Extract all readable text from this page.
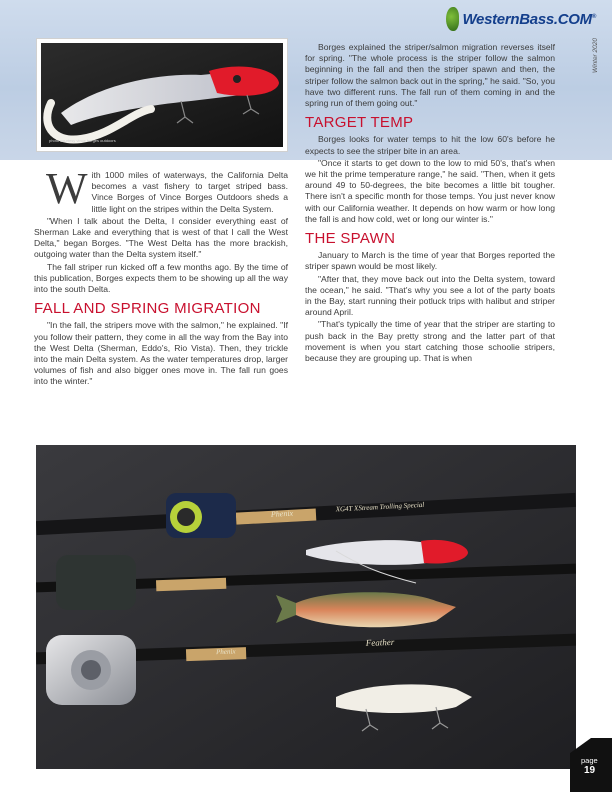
WesternBass.COM®
Winter 2020
photo courtesy vince borges outdoors

With 1000 miles of waterways, the California Delta becomes a vast fishery to target striped bass. Vince Borges of Vince Borges Outdoors sheds a little light on the stripes within the Delta System.

"When I talk about the Delta, I consider everything east of Sherman Lake and everything that is west of that I call the West Delta," began Borges. "The West Delta has the more brackish, outgoing water than the Delta system itself."

The fall striper run kicked off a few months ago. By the time of this publication, Borges expects them to be showing up all the way into the south Delta.

FALL AND SPRING MIGRATION

"In the fall, the stripers move with the salmon," he explained. "If you follow their pattern, they come in all the way from the Bay into the West Delta (Sherman, Eddo's, Rio Vista). Then, they trickle into the main Delta system. As the water temperatures drop, larger volumes of fish and also bigger ones move in. The fall run goes into the winter."

Borges explained the striper/salmon migration reverses itself for spring. "The whole process is the striper follow the salmon beginning in the fall and then the striper spawn and then, the striper follow the salmon back out in the spring," he said. "So, you have two different runs. The fall run of them coming in and the spring run of them going out."

TARGET TEMP

Borges looks for water temps to hit the low 60's before he expects to see the striper bite in an area.

"Once it starts to get down to the low to mid 50's, that's when we hit the prime temperature range," he said. "Then, when it gets around 49 to 50-degrees, the bite becomes a little bit tougher. There isn't a specific month for those temps. You just never know with our California weather. It depends on how warm or how long the fall is and how cold, wet or long our winter is."

THE SPAWN

January to March is the time of year that Borges reported the striper spawn would be most likely.

"After that, they move back out into the Delta system, toward the ocean," he said. "That's why you see a lot of the party boats in the Bay, start running their potluck trips with halibut and striper around April.

"That's typically the time of year that the striper are starting to push back in the Bay pretty strong and the latter part of that movement is when you start catching those schoolie stripers, because they are grouping up. That is when

Phenix
XG4T XStream Trolling Special
Phenix
Feather
page
19
